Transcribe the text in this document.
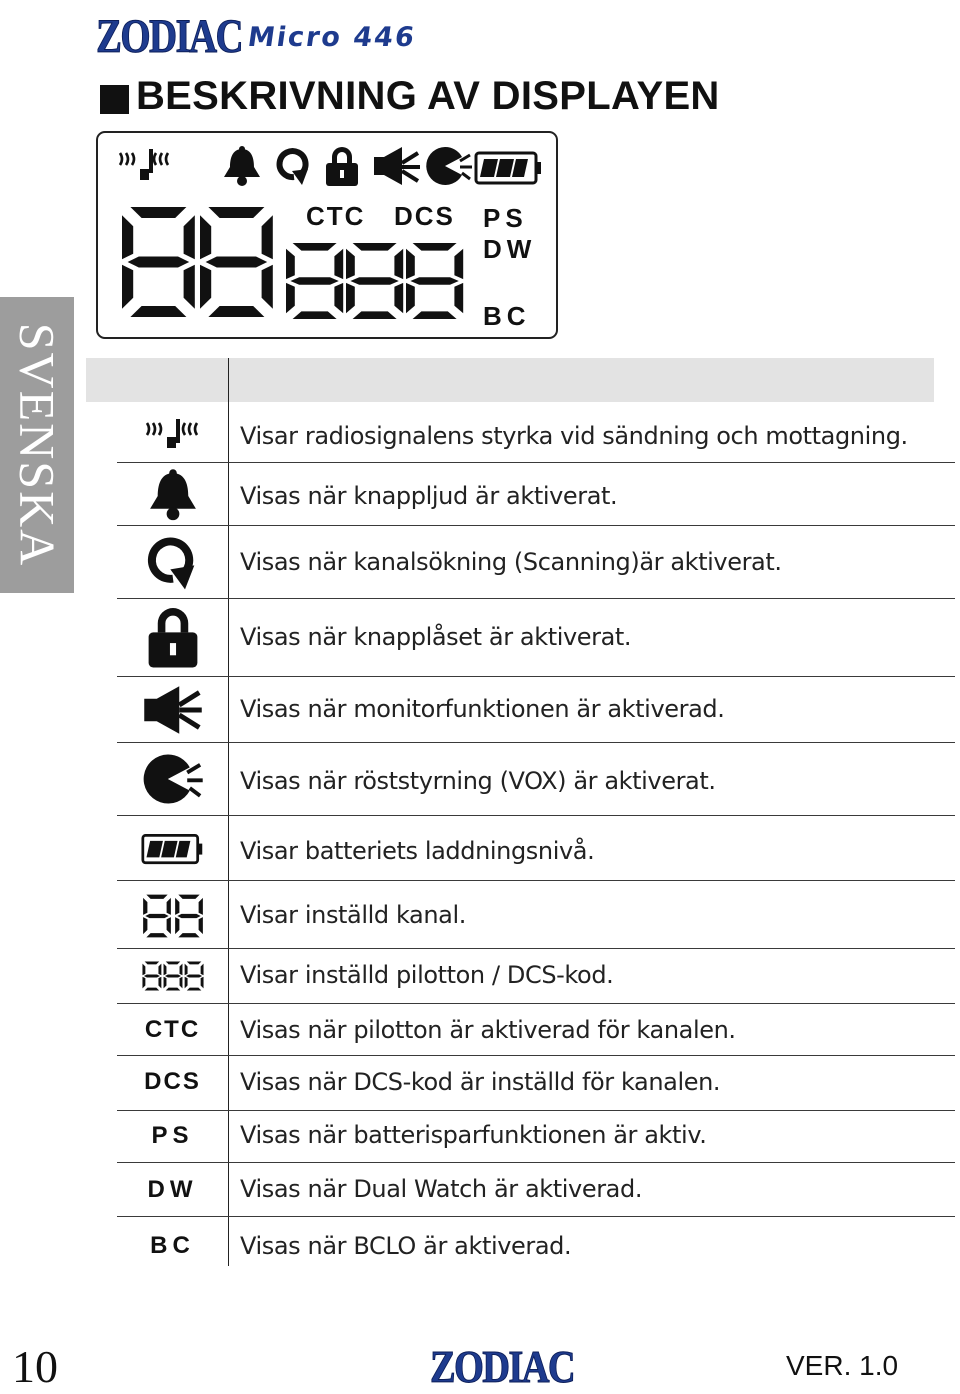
ZODIAC Micro 446
BESKRIVNING AV DISPLAYEN
CTC DCS PS
DW
BC
SVENSKA	Visar radiosignalens styrka vid sändning och mottagning.
Visas när knappljud är aktiverat.
Visas när kanalsökning (Scanning)är aktiverat.
Visas när knapplåset är aktiverat.
Visas när monitorfunktionen är aktiverad.
Visas när röststyrning (VOX) är aktiverat.
Visar batteriets laddningsnivå.
Visar inställd kanal.
Visar inställd pilotton / DCS-kod.
CTC Visas när pilotton är aktiverad för kanalen.
DCS Visas när DCS-kod är inställd för kanalen.
PS Visas när batterisparfunktionen är aktiv.
DW Visas när Dual Watch är aktiverad.
BC Visas när BCLO är aktiverad.
10	ZODIAC	VER. 1.0
